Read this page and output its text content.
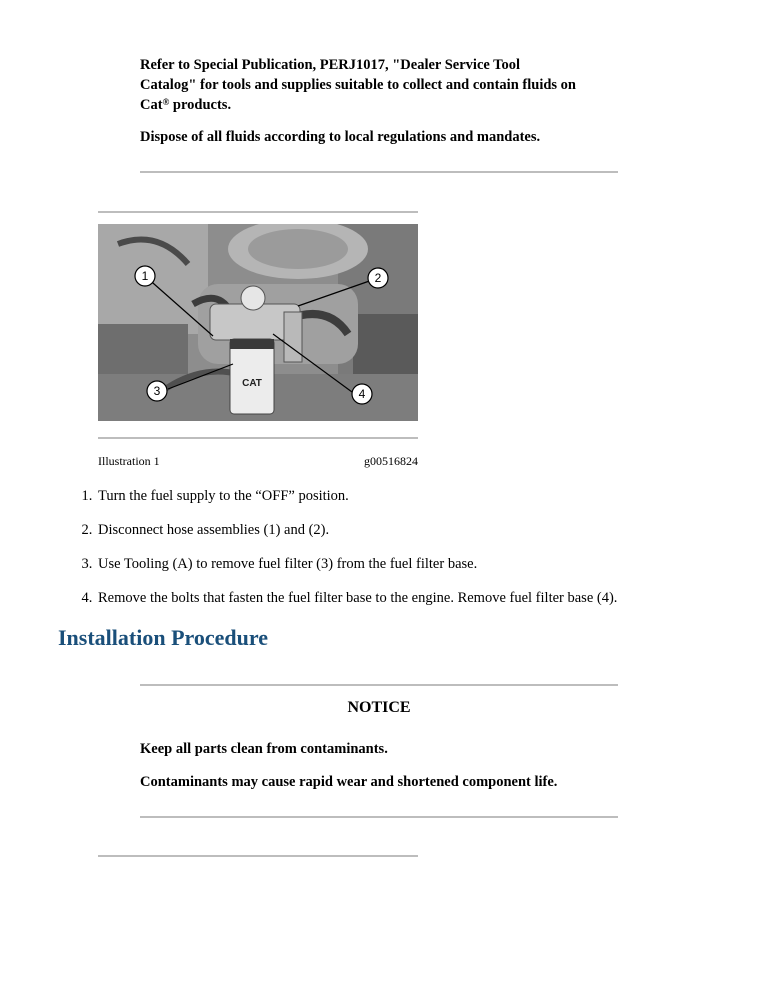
Refer to Special Publication, PERJ1017, "Dealer Service Tool
Catalog" for tools and supplies suitable to collect and contain fluids on
Cat® products.
Dispose of all fluids according to local regulations and mandates.
CAT
1	2
3	4
Illustration 1	g00516824
1. Turn the fuel supply to the “OFF” position.
2. Disconnect hose assemblies (1) and (2).
3. Use Tooling (A) to remove fuel filter (3) from the fuel filter base.
4. Remove the bolts that fasten the fuel filter base to the engine. Remove fuel filter base (4).
Installation Procedure
NOTICE
Keep all parts clean from contaminants.
Contaminants may cause rapid wear and shortened component life.
